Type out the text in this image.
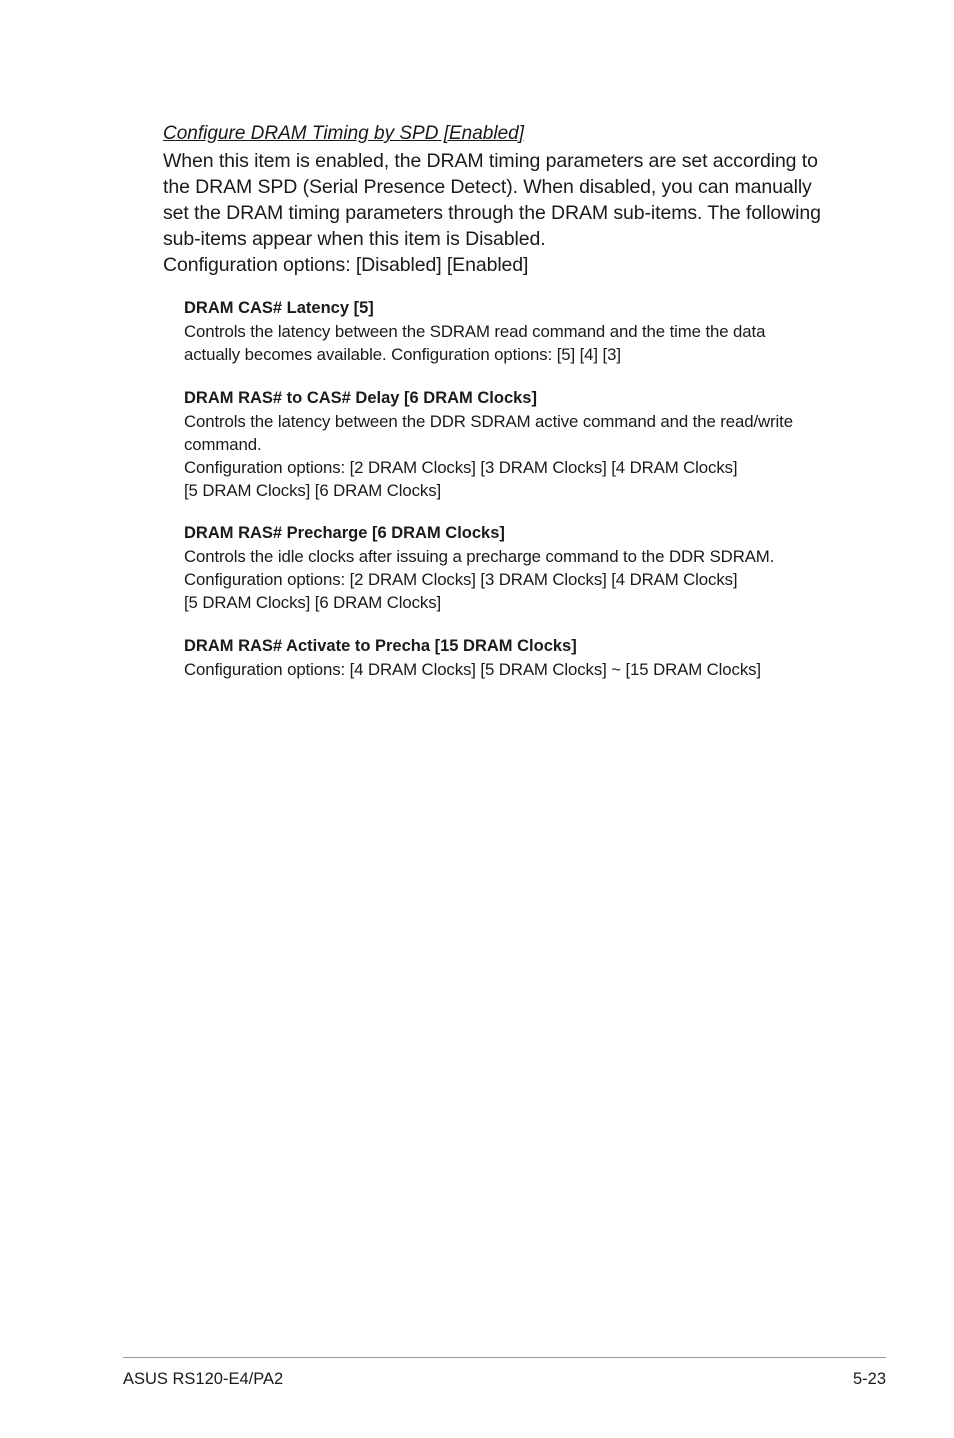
Configure DRAM Timing by SPD [Enabled]

When this item is enabled, the DRAM timing parameters are set according to

the DRAM SPD (Serial Presence Detect). When disabled, you can manually

set the DRAM timing parameters through the DRAM sub-items. The following

sub-items appear when this item is Disabled.

Configuration options: [Disabled] [Enabled]

DRAM CAS# Latency [5]

Controls the latency between the SDRAM read command and the time the data

actually becomes available. Configuration options: [5] [4] [3]

DRAM RAS# to CAS# Delay [6 DRAM Clocks]

Controls the latency between the DDR SDRAM active command and the read/write

command.

Configuration options: [2 DRAM Clocks] [3 DRAM Clocks] [4 DRAM Clocks]

[5 DRAM Clocks] [6 DRAM Clocks]

DRAM RAS# Precharge [6 DRAM Clocks]

Controls the idle clocks after issuing a precharge command to the DDR SDRAM.

Configuration options: [2 DRAM Clocks] [3 DRAM Clocks] [4 DRAM Clocks]

[5 DRAM Clocks] [6 DRAM Clocks]

DRAM RAS# Activate to Precha [15 DRAM Clocks]

Configuration options: [4 DRAM Clocks] [5 DRAM Clocks] ~ [15 DRAM Clocks]

ASUS RS120-E4/PA2	5-23
